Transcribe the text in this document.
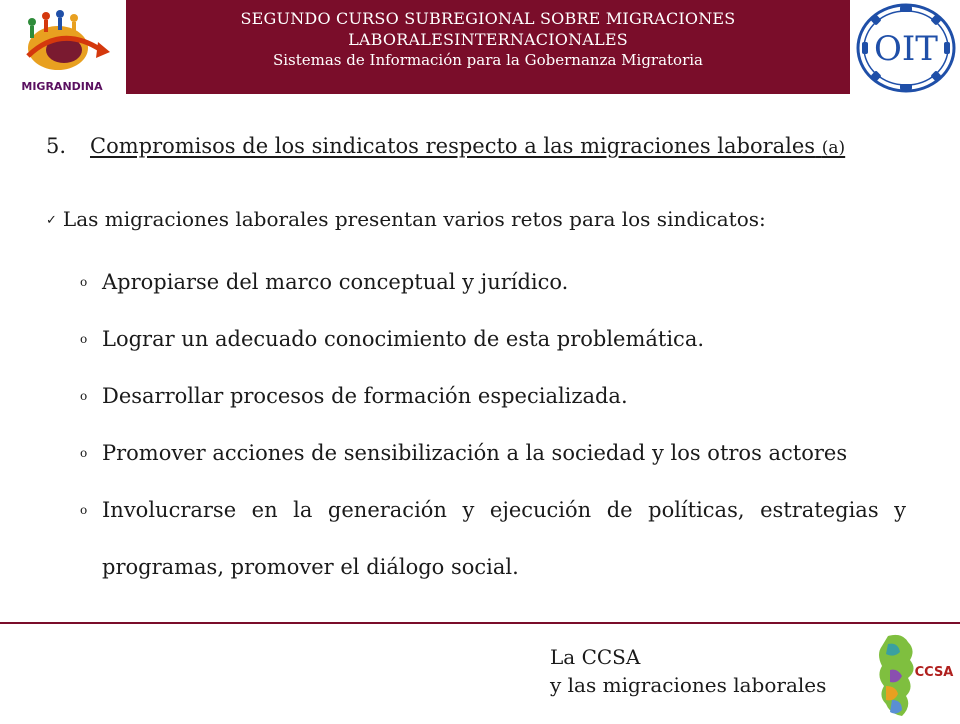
MIGRANDINA
SEGUNDO CURSO SUBREGIONAL SOBRE MIGRACIONES
LABORALESINTERNACIONALES
Sistemas de Información para la Gobernanza Migratoria	OIT
5. Compromisos de los sindicatos respecto a las migraciones laborales (a)
✓ Las migraciones laborales presentan varios retos para los sindicatos:
o Apropiarse del marco conceptual y jurídico.
o Lograr un adecuado conocimiento de esta problemática.
o Desarrollar procesos de formación especializada.
o Promover acciones de sensibilización a la sociedad y los otros actores
o Involucrarse en la generación y ejecución de políticas, estrategias y programas, promover el diálogo social.
La CCSA
y las migraciones laborales
CCSA
